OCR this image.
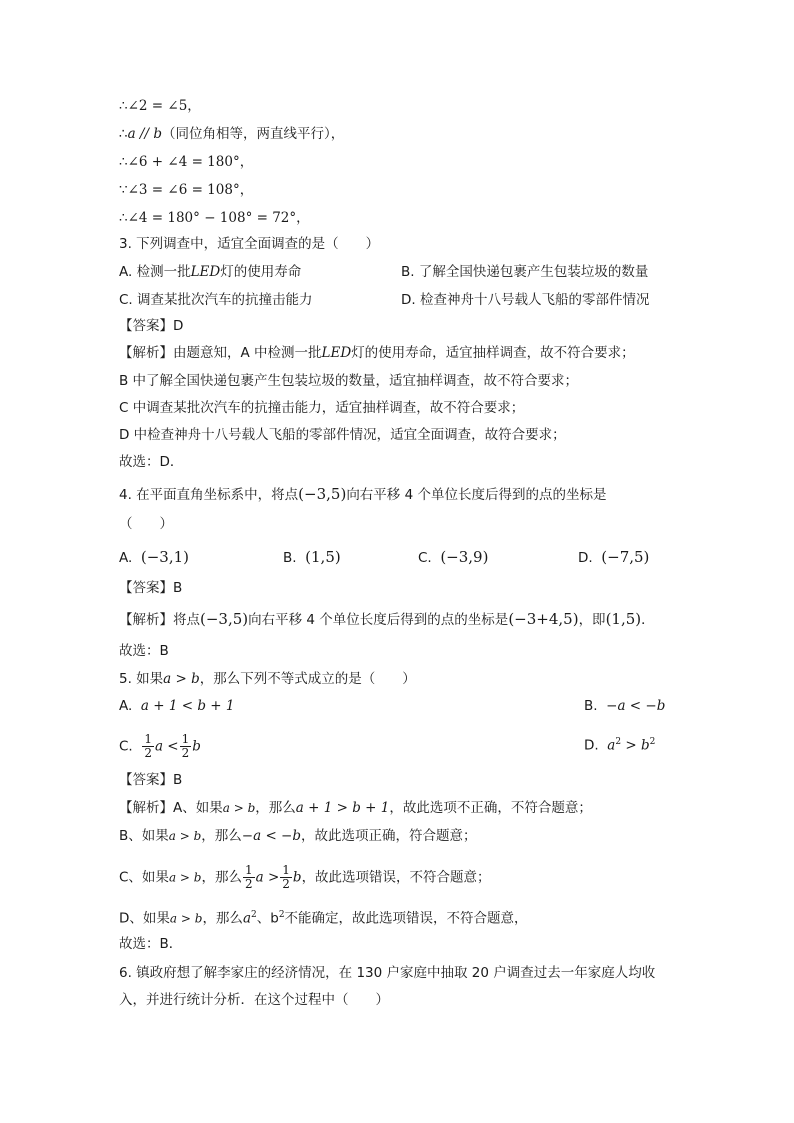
∴∠2 = ∠5，
∴a // b（同位角相等，两直线平行），
∴∠6 + ∠4 = 180°，
∵∠3 = ∠6 = 108°，
∴∠4 = 180° − 108° = 72°，
3. 下列调查中，适宜全面调查的是（　　）
A. 检测一批LED灯的使用寿命	B. 了解全国快递包裹产生包装垃圾的数量
C. 调查某批次汽车的抗撞击能力	D. 检查神舟十八号载人飞船的零部件情况
【答案】D
【解析】由题意知，A 中检测一批LED灯的使用寿命，适宜抽样调查，故不符合要求；
B 中了解全国快递包裹产生包装垃圾的数量，适宜抽样调查，故不符合要求；
C 中调查某批次汽车的抗撞击能力，适宜抽样调查，故不符合要求；
D 中检查神舟十八号载人飞船的零部件情况，适宜全面调查，故符合要求；
故选：D．
4. 在平面直角坐标系中，将点(−3,5)向右平移 4 个单位长度后得到的点的坐标是
（　　）
A. (−3,1)	B. (1,5)	C. (−3,9)	D. (−7,5)
【答案】B
【解析】将点(−3,5)向右平移 4 个单位长度后得到的点的坐标是(−3+4,5)，即(1,5)．
故选：B
5. 如果a > b，那么下列不等式成立的是（　　）
A. a + 1 < b + 1	B. −a < −b
C. $\frac{1}{2}$ $a < \frac{1}{2}$ b	D. $a^2 > b^2$
【答案】B
【解析】A、如果a > b，那么a + 1 > b + 1，故此选项不正确，不符合题意；
B、如果a > b，那么−a < −b，故此选项正确，符合题意；
C、如果a > b，那么 $\frac{1}{2}$ $a > \frac{1}{2}$ b，故此选项错误，不符合题意；
D、如果a > b，那么$a^2$、$b^2$不能确定，故此选项错误，不符合题意，
故选：B．
6. 镇政府想了解李家庄的经济情况，在 130 户家庭中抽取 20 户调查过去一年家庭人均收
入，并进行统计分析．在这个过程中（　　）
